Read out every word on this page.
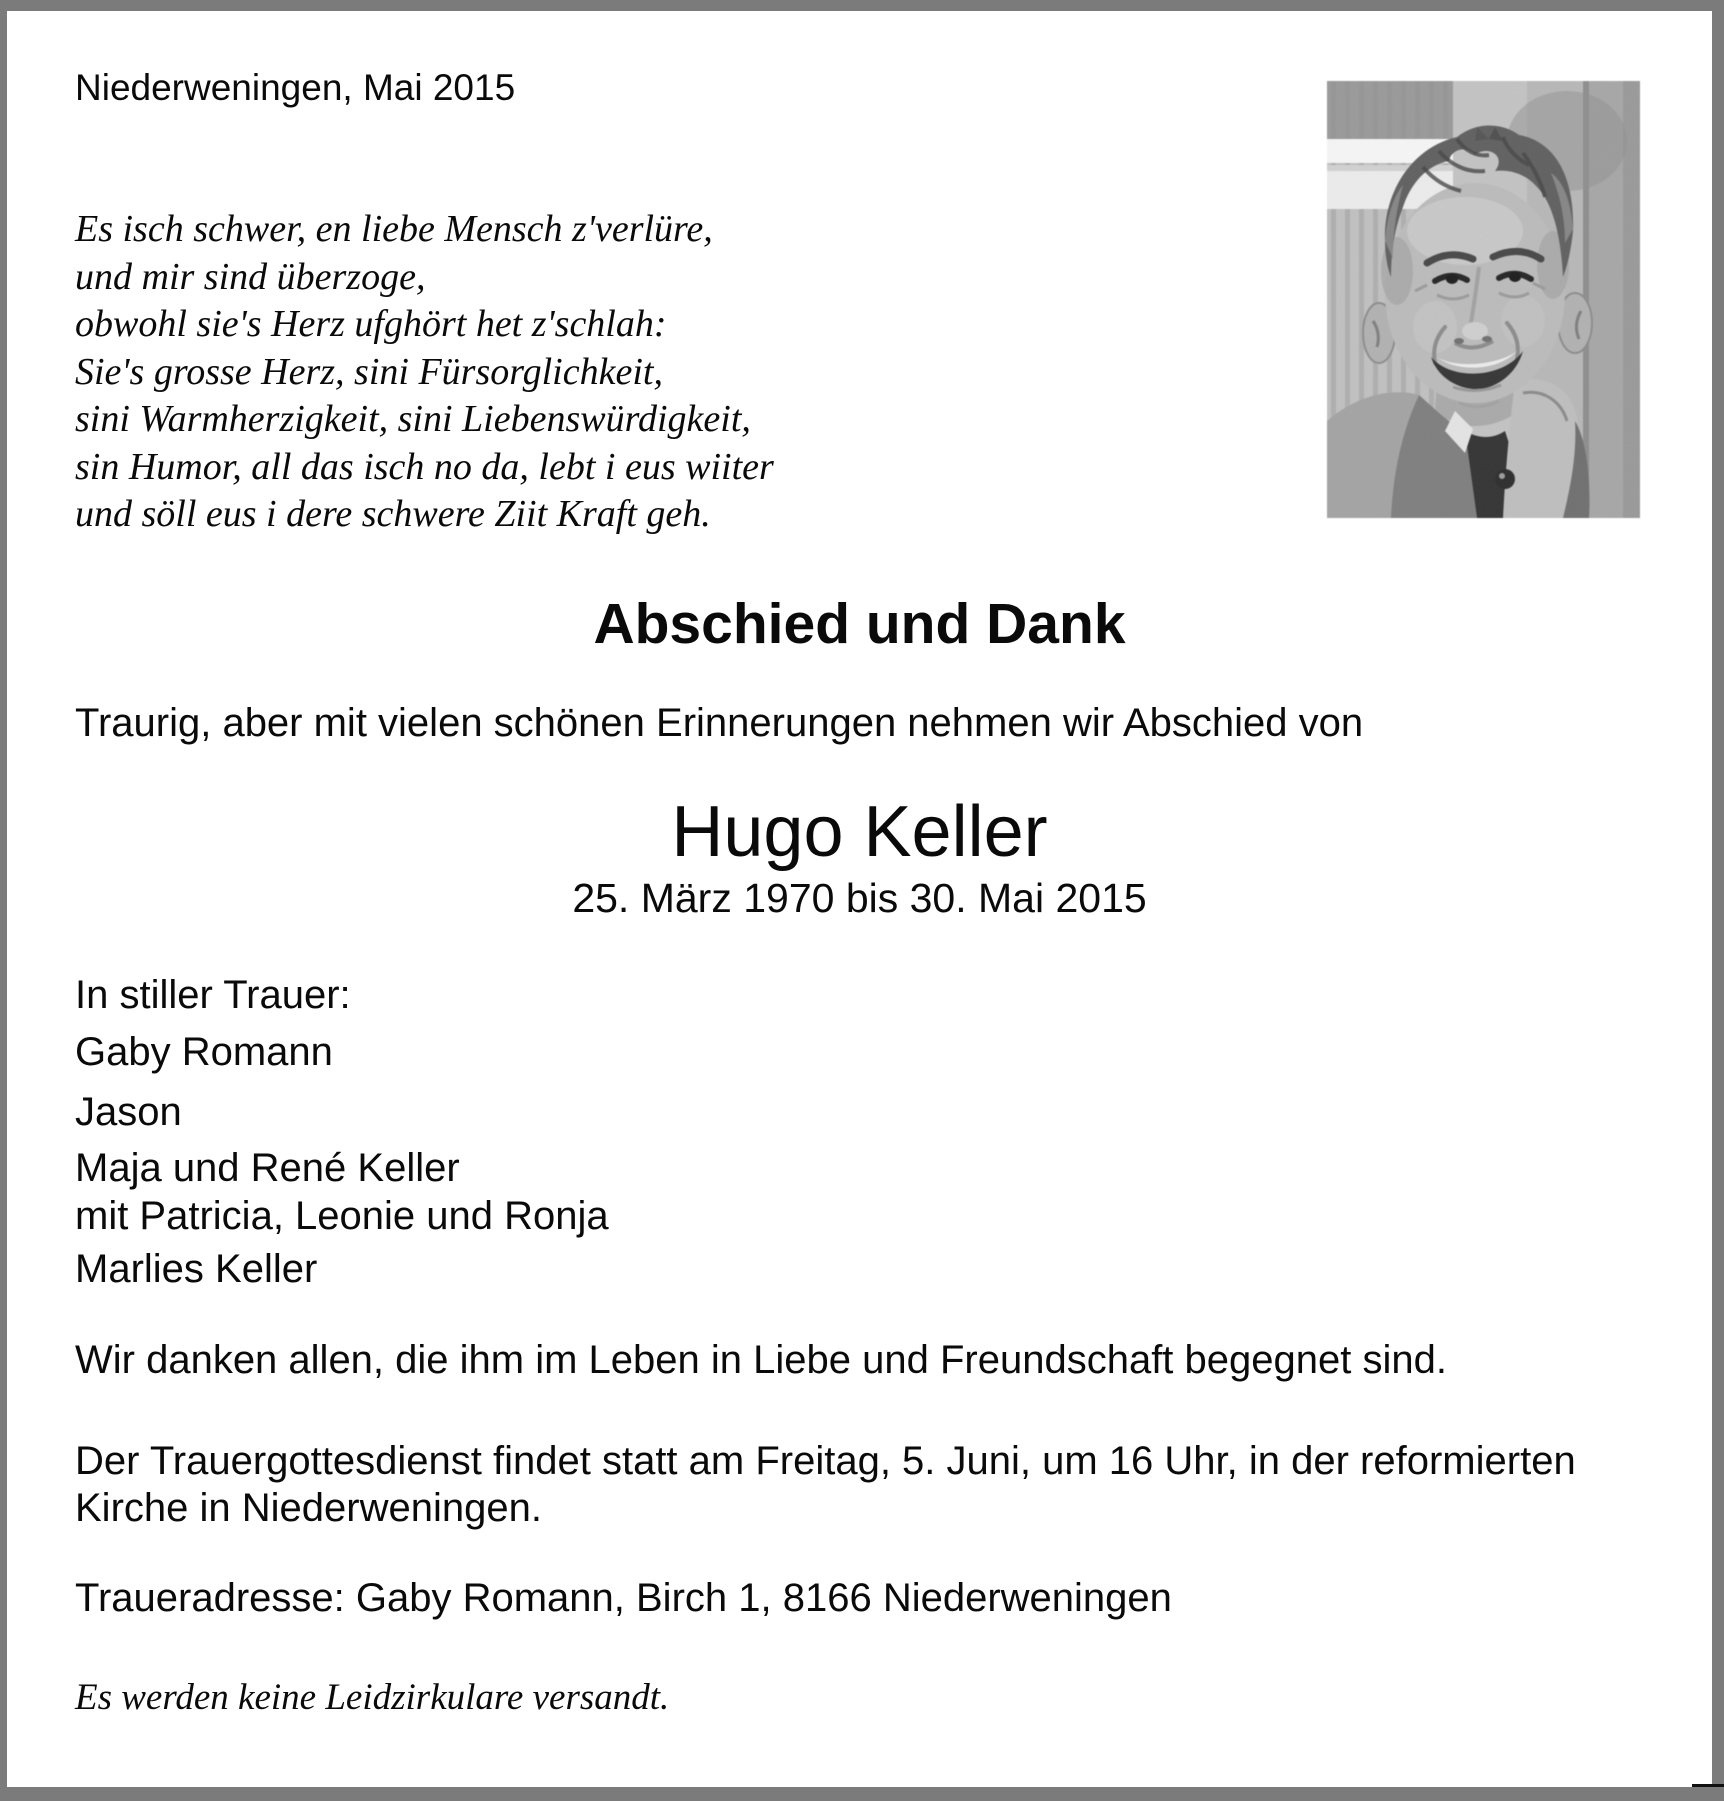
Niederweningen, Mai 2015
Es isch schwer, en liebe Mensch z'verlüre,
und mir sind überzoge,
obwohl sie's Herz ufghört het z'schlah:
Sie's grosse Herz, sini Fürsorglichkeit,
sini Warmherzigkeit, sini Liebenswürdigkeit,
sin Humor, all das isch no da, lebt i eus wiiter
und söll eus i dere schwere Ziit Kraft geh.
Abschied und Dank
Traurig, aber mit vielen schönen Erinnerungen nehmen wir Abschied von
Hugo Keller
25. März 1970 bis 30. Mai 2015
In stiller Trauer:
Gaby Romann
Jason
Maja und René Keller
mit Patricia, Leonie und Ronja
Marlies Keller
Wir danken allen, die ihm im Leben in Liebe und Freundschaft begegnet sind.
Der Trauergottesdienst findet statt am Freitag, 5. Juni, um 16 Uhr, in der reformierten
Kirche in Niederweningen.
Traueradresse: Gaby Romann, Birch 1, 8166 Niederweningen
Es werden keine Leidzirkulare versandt.
